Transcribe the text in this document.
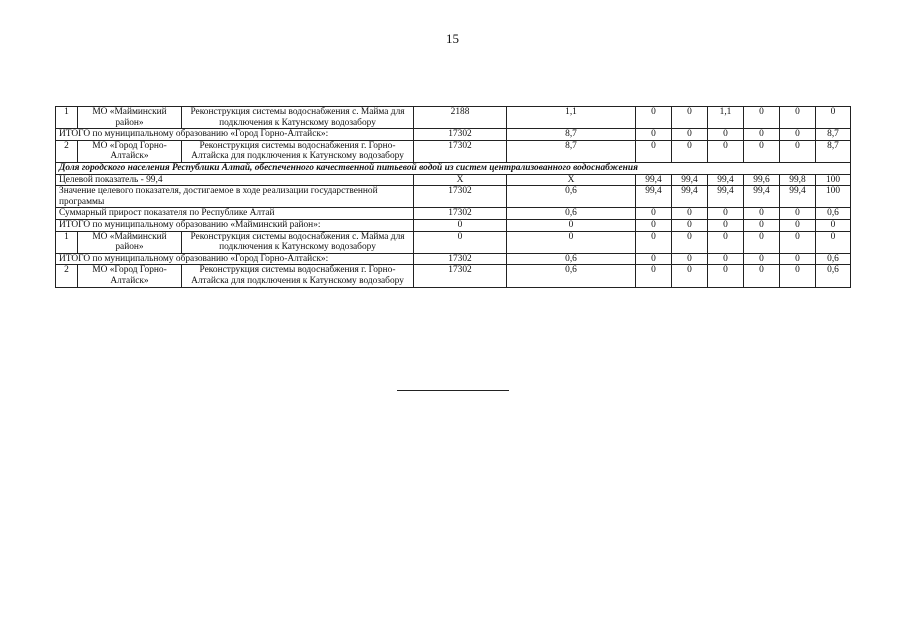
15
1	МО «Майминский район»	Реконструкция системы водоснабжения с. Майма для подключения к Катунскому водозабору	2188	1,1	0	0	1,1	0	0	0
ИТОГО по муниципальному образованию «Город Горно-Алтайск»:			17302	8,7	0	0	0	0	0	8,7
2	МО «Город Горно-Алтайск»	Реконструкция системы водоснабжения г. Горно-Алтайска для подключения к Катунскому водозабору	17302	8,7	0	0	0	0	0	8,7
Доля городского населения Республики Алтай, обеспеченного качественной питьевой водой из систем централизованного водоснабжения										
Целевой показатель - 99,4			Х	Х	99,4	99,4	99,4	99,6	99,8	100
Значение целевого показателя, достигаемое в ходе реализации государственной программы			17302	0,6	99,4	99,4	99,4	99,4	99,4	100
Суммарный прирост показателя по Республике Алтай			17302	0,6	0	0	0	0	0	0,6
ИТОГО по муниципальному образованию «Майминский район»:			0	0	0	0	0	0	0	0
1	МО «Майминский район»	Реконструкция системы водоснабжения с. Майма для подключения к Катунскому водозабору	0	0	0	0	0	0	0	0
ИТОГО по муниципальному образованию «Город Горно-Алтайск»:			17302	0,6	0	0	0	0	0	0,6
2	МО «Город Горно-Алтайск»	Реконструкция системы водоснабжения г. Горно-Алтайска для подключения к Катунскому водозабору	17302	0,6	0	0	0	0	0	0,6
